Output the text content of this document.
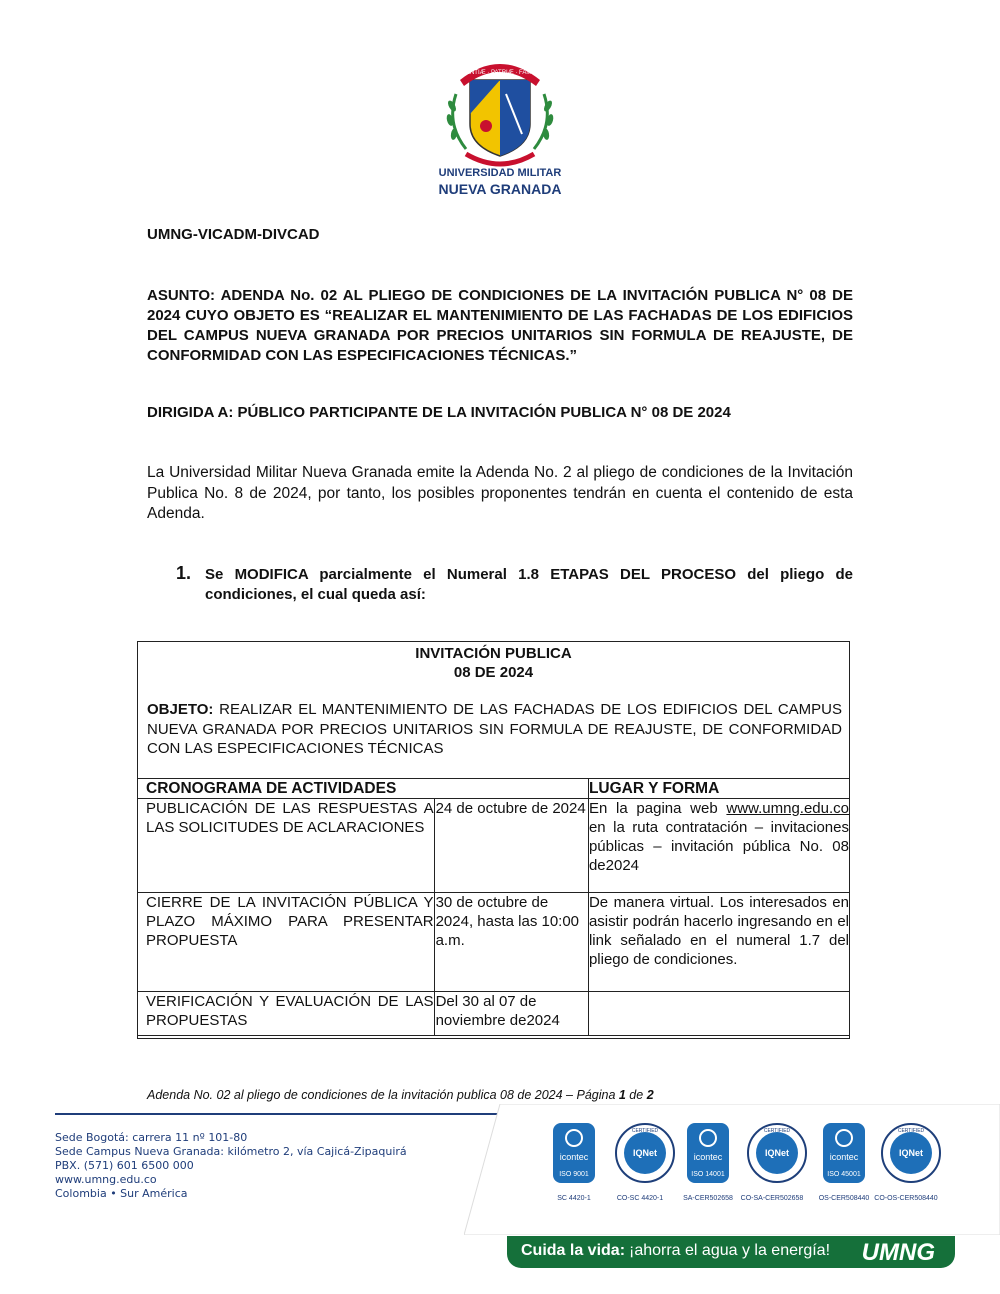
UNIVERSIDAD MILITAR
NUEVA GRANADA
SCIENTIÆ · PATRIÆ · FAMILIÆ
UMNG-VICADM-DIVCAD
ASUNTO: ADENDA No. 02 AL PLIEGO DE CONDICIONES DE LA INVITACIÓN PUBLICA N° 08 DE 2024 CUYO OBJETO ES “REALIZAR EL MANTENIMIENTO DE LAS FACHADAS DE LOS EDIFICIOS DEL CAMPUS NUEVA GRANADA POR PRECIOS UNITARIOS SIN FORMULA DE REAJUSTE, DE CONFORMIDAD CON LAS ESPECIFICACIONES TÉCNICAS.”
DIRIGIDA A: PÚBLICO PARTICIPANTE DE LA INVITACIÓN PUBLICA N° 08 DE 2024
La Universidad Militar Nueva Granada emite la Adenda No. 2 al pliego de condiciones de la Invitación Publica No. 8 de 2024, por tanto, los posibles proponentes tendrán en cuenta el contenido de esta Adenda.
1. Se MODIFICA parcialmente el Numeral 1.8 ETAPAS DEL PROCESO del pliego de condiciones, el cual queda así:
INVITACIÓN PUBLICA
08 DE 2024
OBJETO: REALIZAR EL MANTENIMIENTO DE LAS FACHADAS DE LOS EDIFICIOS DEL CAMPUS NUEVA GRANADA POR PRECIOS UNITARIOS SIN FORMULA DE REAJUSTE, DE CONFORMIDAD CON LAS ESPECIFICACIONES TÉCNICAS
CRONOGRAMA DE ACTIVIDADES		LUGAR Y FORMA
PUBLICACIÓN DE LAS RESPUESTAS A LAS SOLICITUDES DE ACLARACIONES	24 de octubre de 2024	En la pagina web www.umng.edu.co en la ruta contratación – invitaciones públicas – invitación pública No. 08 de2024
CIERRE DE LA INVITACIÓN PÚBLICA Y PLAZO MÁXIMO PARA PRESENTAR PROPUESTA	30 de octubre de 2024, hasta las 10:00 a.m.	De manera virtual. Los interesados en asistir podrán hacerlo ingresando en el link señalado en el numeral 1.7 del pliego de condiciones.
VERIFICACIÓN Y EVALUACIÓN DE LAS PROPUESTAS	Del 30 al 07 de noviembre de2024	
Adenda No. 02 al pliego de condiciones de la invitación publica 08 de 2024 – Página 1 de 2
Sede Bogotá: carrera 11 nº 101-80
Sede Campus Nueva Granada: kilómetro 2, vía Cajicá-Zipaquirá
PBX. (571) 601 6500 000
www.umng.edu.co
Colombia • Sur América
icontec
ISO 9001
SC 4420-1
IQNet
CERTIFIED
CO-SC 4420-1
icontec
ISO 14001
SA-CER502658
IQNet
CERTIFIED
CO-SA-CER502658
icontec
ISO 45001
OS-CER508440
IQNet
CERTIFIED
CO-OS-CER508440
Cuida la vida: ¡ahorra el agua y la energía! UMNG
